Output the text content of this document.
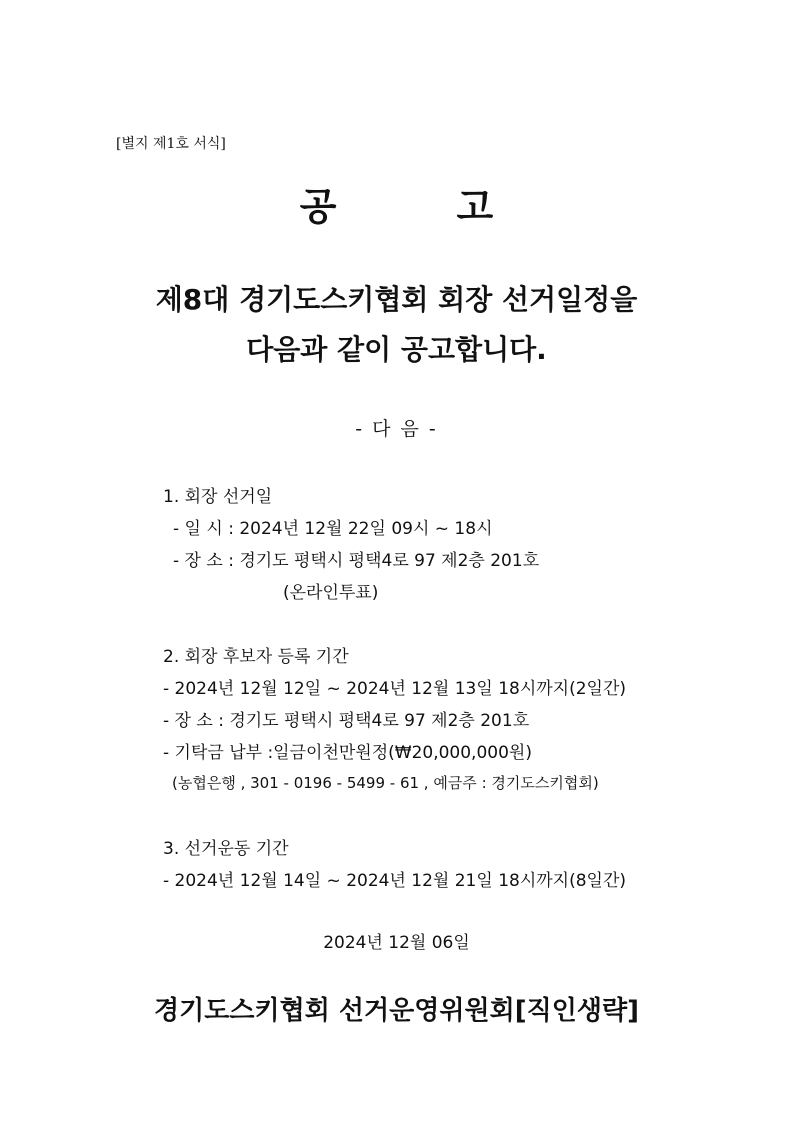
[별지 제1호 서식]
공	고
제8대 경기도스키협회 회장 선거일정을
다음과 같이 공고합니다.
- 다 음 -
1. 회장 선거일
- 일 시 : 2024년 12월 22일 09시 ~ 18시
- 장 소 : 경기도 평택시 평택4로 97 제2층 201호
(온라인투표)
2. 회장 후보자 등록 기간
- 2024년 12월 12일 ~ 2024년 12월 13일 18시까지(2일간)
- 장 소 : 경기도 평택시 평택4로 97 제2층 201호
- 기탁금 납부 :일금이천만원정(₩20,000,000원)
(농협은행 , 301 - 0196 - 5499 - 61 , 예금주 : 경기도스키협회)
3. 선거운동 기간
- 2024년 12월 14일 ~ 2024년 12월 21일 18시까지(8일간)
2024년 12월 06일
경기도스키협회 선거운영위원회[직인생략]
